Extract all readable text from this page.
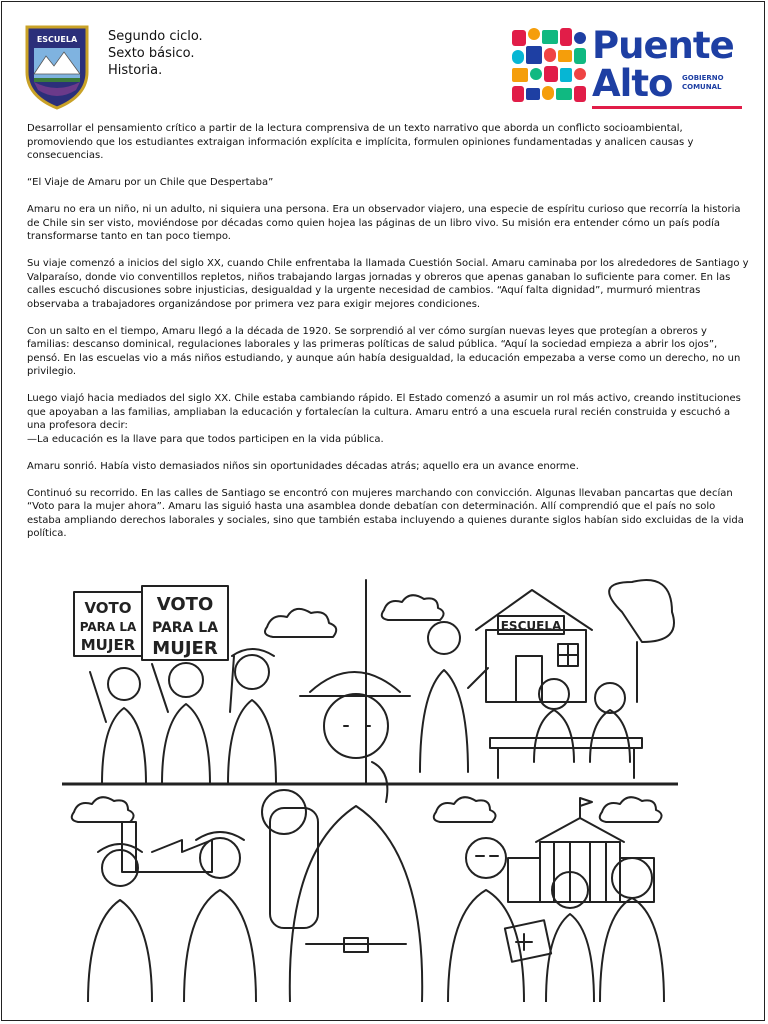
ESCUELA Segundo ciclo.
Sexto básico.
Historia.
Puente
Alto GOBIERNO
COMUNAL

Desarrollar el pensamiento crítico a partir de la lectura comprensiva de un texto narrativo que aborda un conflicto socioambiental, promoviendo que los estudiantes extraigan información explícita e implícita, formulen opiniones fundamentadas y analicen causas y consecuencias.

“El Viaje de Amaru por un Chile que Despertaba”

Amaru no era un niño, ni un adulto, ni siquiera una persona. Era un observador viajero, una especie de espíritu curioso que recorría la historia de Chile sin ser visto, moviéndose por décadas como quien hojea las páginas de un libro vivo. Su misión era entender cómo un país podía transformarse tanto en tan poco tiempo.

Su viaje comenzó a inicios del siglo XX, cuando Chile enfrentaba la llamada Cuestión Social. Amaru caminaba por los alrededores de Santiago y Valparaíso, donde vio conventillos repletos, niños trabajando largas jornadas y obreros que apenas ganaban lo suficiente para comer. En las calles escuchó discusiones sobre injusticias, desigualdad y la urgente necesidad de cambios. “Aquí falta dignidad”, murmuró mientras observaba a trabajadores organizándose por primera vez para exigir mejores condiciones.

Con un salto en el tiempo, Amaru llegó a la década de 1920. Se sorprendió al ver cómo surgían nuevas leyes que protegían a obreros y familias: descanso dominical, regulaciones laborales y las primeras políticas de salud pública. “Aquí la sociedad empieza a abrir los ojos”, pensó. En las escuelas vio a más niños estudiando, y aunque aún había desigualdad, la educación empezaba a verse como un derecho, no un privilegio.

Luego viajó hacia mediados del siglo XX. Chile estaba cambiando rápido. El Estado comenzó a asumir un rol más activo, creando instituciones que apoyaban a las familias, ampliaban la educación y fortalecían la cultura. Amaru entró a una escuela rural recién construida y escuchó a una profesora decir:

—La educación es la llave para que todos participen en la vida pública.

Amaru sonrió. Había visto demasiados niños sin oportunidades décadas atrás; aquello era un avance enorme.

Continuó su recorrido. En las calles de Santiago se encontró con mujeres marchando con convicción. Algunas llevaban pancartas que decían “Voto para la mujer ahora”. Amaru las siguió hasta una asamblea donde debatían con determinación. Allí comprendió que el país no solo estaba ampliando derechos laborales y sociales, sino que también estaba incluyendo a quienes durante siglos habían sido excluidas de la vida política.

VOTO
PARA LA
MUJER
VOTO
PARA LA
MUJER
ESCUELA
